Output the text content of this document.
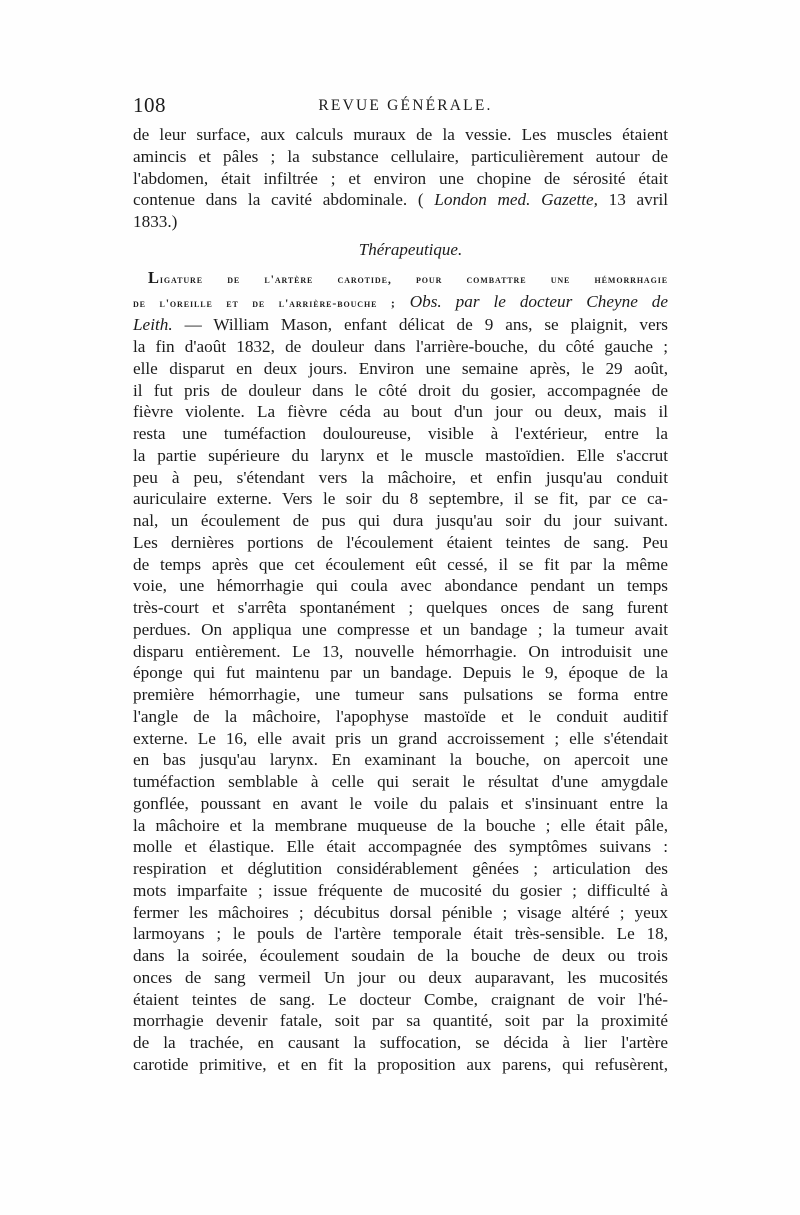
108	REVUE GÉNÉRALE.
de leur surface, aux calculs muraux de la vessie. Les muscles étaient
amincis et pâles ; la substance cellulaire, particulièrement autour de
l'abdomen, était infiltrée ; et environ une chopine de sérosité était
contenue dans la cavité abdominale. ( London med. Gazette, 13 avril
1833.)
Thérapeutique.
Ligature de l'artère carotide, pour combattre une hémorrhagie
de l'oreille et de l'arrière-bouche ; Obs. par le docteur Cheyne de
Leith. — William Mason, enfant délicat de 9 ans, se plaignit, vers
la fin d'août 1832, de douleur dans l'arrière-bouche, du côté gauche ;
elle disparut en deux jours. Environ une semaine après, le 29 août,
il fut pris de douleur dans le côté droit du gosier, accompagnée de
fièvre violente. La fièvre céda au bout d'un jour ou deux, mais il
resta une tuméfaction douloureuse, visible à l'extérieur, entre la
la partie supérieure du larynx et le muscle mastoïdien. Elle s'accrut
peu à peu, s'étendant vers la mâchoire, et enfin jusqu'au conduit
auriculaire externe. Vers le soir du 8 septembre, il se fit, par ce ca-
nal, un écoulement de pus qui dura jusqu'au soir du jour suivant.
Les dernières portions de l'écoulement étaient teintes de sang. Peu
de temps après que cet écoulement eût cessé, il se fit par la même
voie, une hémorrhagie qui coula avec abondance pendant un temps
très-court et s'arrêta spontanément ; quelques onces de sang furent
perdues. On appliqua une compresse et un bandage ; la tumeur avait
disparu entièrement. Le 13, nouvelle hémorrhagie. On introduisit une
éponge qui fut maintenu par un bandage. Depuis le 9, époque de la
première hémorrhagie, une tumeur sans pulsations se forma entre
l'angle de la mâchoire, l'apophyse mastoïde et le conduit auditif
externe. Le 16, elle avait pris un grand accroissement ; elle s'étendait
en bas jusqu'au larynx. En examinant la bouche, on apercoit une
tuméfaction semblable à celle qui serait le résultat d'une amygdale
gonflée, poussant en avant le voile du palais et s'insinuant entre la
la mâchoire et la membrane muqueuse de la bouche ; elle était pâle,
molle et élastique. Elle était accompagnée des symptômes suivans :
respiration et déglutition considérablement gênées ; articulation des
mots imparfaite ; issue fréquente de mucosité du gosier ; difficulté à
fermer les mâchoires ; décubitus dorsal pénible ; visage altéré ; yeux
larmoyans ; le pouls de l'artère temporale était très-sensible. Le 18,
dans la soirée, écoulement soudain de la bouche de deux ou trois
onces de sang vermeil Un jour ou deux auparavant, les mucosités
étaient teintes de sang. Le docteur Combe, craignant de voir l'hé-
morrhagie devenir fatale, soit par sa quantité, soit par la proximité
de la trachée, en causant la suffocation, se décida à lier l'artère
carotide primitive, et en fit la proposition aux parens, qui refusèrent,
